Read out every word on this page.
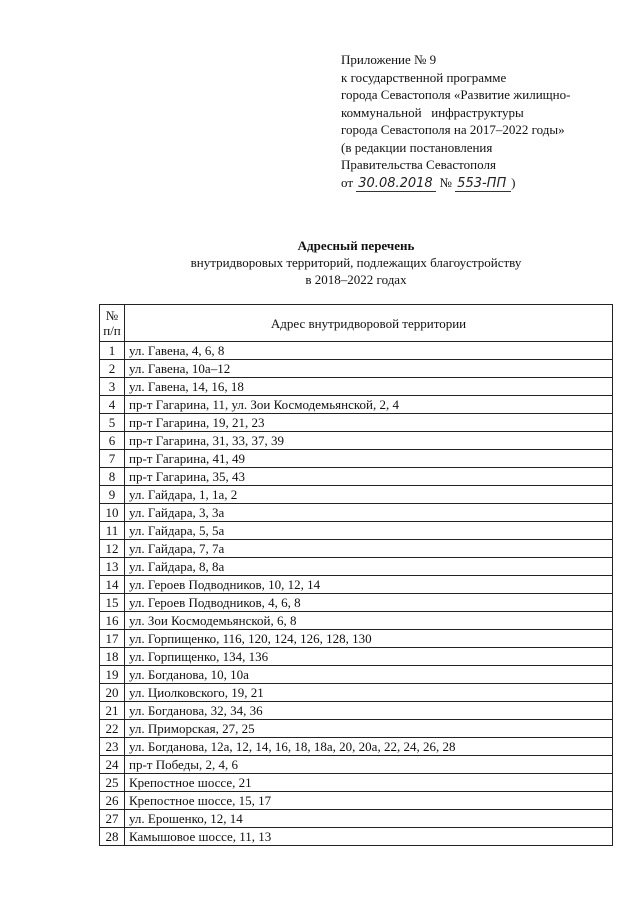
Приложение № 9
к государственной программе
города Севастополя «Развитие жилищно-
коммунальной   инфраструктуры
города Севастополя на 2017–2022 годы»
(в редакции постановления
Правительства Севастополя
от 30.08.2018 № 553-ПП )
Адресный перечень
внутридворовых территорий, подлежащих благоустройству
в 2018–2022 годах
№
п/п	Адрес внутридворовой территории
1	ул. Гавена, 4, 6, 8
2	ул. Гавена, 10а–12
3	ул. Гавена, 14, 16, 18
4	пр-т Гагарина, 11, ул. Зои Космодемьянской, 2, 4
5	пр-т Гагарина, 19, 21, 23
6	пр-т Гагарина, 31, 33, 37, 39
7	пр-т Гагарина, 41, 49
8	пр-т Гагарина, 35, 43
9	ул. Гайдара, 1, 1а, 2
10	ул. Гайдара, 3, 3а
11	ул. Гайдара, 5, 5а
12	ул. Гайдара, 7, 7а
13	ул. Гайдара, 8, 8а
14	ул. Героев Подводников, 10, 12, 14
15	ул. Героев Подводников, 4, 6, 8
16	ул. Зои Космодемьянской, 6, 8
17	ул. Горпищенко, 116, 120, 124, 126, 128, 130
18	ул. Горпищенко, 134, 136
19	ул. Богданова, 10, 10а
20	ул. Циолковского, 19, 21
21	ул. Богданова, 32, 34, 36
22	ул. Приморская, 27, 25
23	ул. Богданова, 12а, 12, 14, 16, 18, 18а, 20, 20а, 22, 24, 26, 28
24	пр-т Победы, 2, 4, 6
25	Крепостное шоссе, 21
26	Крепостное шоссе, 15, 17
27	ул. Ерошенко, 12, 14
28	Камышовое шоссе, 11, 13
